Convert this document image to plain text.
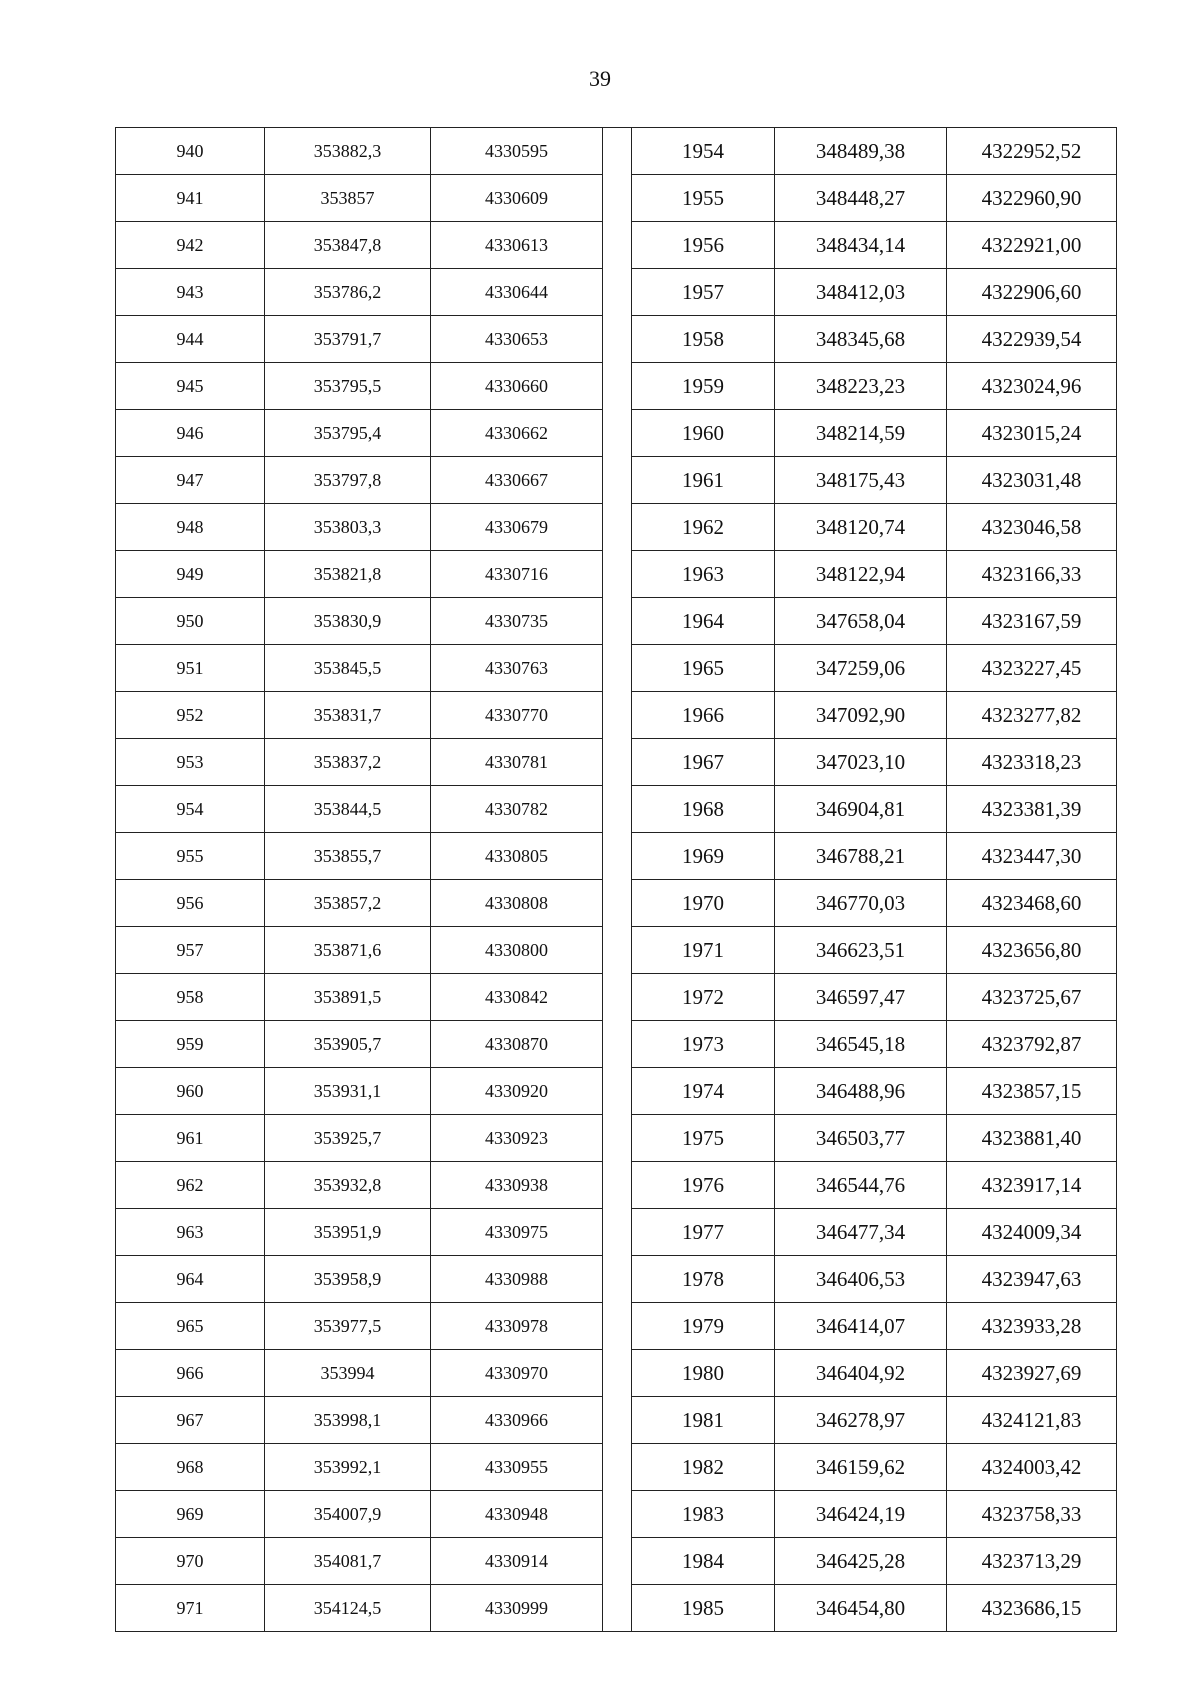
39
940	353882,3	4330595		1954	348489,38	4322952,52
941	353857	4330609		1955	348448,27	4322960,90
942	353847,8	4330613		1956	348434,14	4322921,00
943	353786,2	4330644		1957	348412,03	4322906,60
944	353791,7	4330653		1958	348345,68	4322939,54
945	353795,5	4330660		1959	348223,23	4323024,96
946	353795,4	4330662		1960	348214,59	4323015,24
947	353797,8	4330667		1961	348175,43	4323031,48
948	353803,3	4330679		1962	348120,74	4323046,58
949	353821,8	4330716		1963	348122,94	4323166,33
950	353830,9	4330735		1964	347658,04	4323167,59
951	353845,5	4330763		1965	347259,06	4323227,45
952	353831,7	4330770		1966	347092,90	4323277,82
953	353837,2	4330781		1967	347023,10	4323318,23
954	353844,5	4330782		1968	346904,81	4323381,39
955	353855,7	4330805		1969	346788,21	4323447,30
956	353857,2	4330808		1970	346770,03	4323468,60
957	353871,6	4330800		1971	346623,51	4323656,80
958	353891,5	4330842		1972	346597,47	4323725,67
959	353905,7	4330870		1973	346545,18	4323792,87
960	353931,1	4330920		1974	346488,96	4323857,15
961	353925,7	4330923		1975	346503,77	4323881,40
962	353932,8	4330938		1976	346544,76	4323917,14
963	353951,9	4330975		1977	346477,34	4324009,34
964	353958,9	4330988		1978	346406,53	4323947,63
965	353977,5	4330978		1979	346414,07	4323933,28
966	353994	4330970		1980	346404,92	4323927,69
967	353998,1	4330966		1981	346278,97	4324121,83
968	353992,1	4330955		1982	346159,62	4324003,42
969	354007,9	4330948		1983	346424,19	4323758,33
970	354081,7	4330914		1984	346425,28	4323713,29
971	354124,5	4330999		1985	346454,80	4323686,15
